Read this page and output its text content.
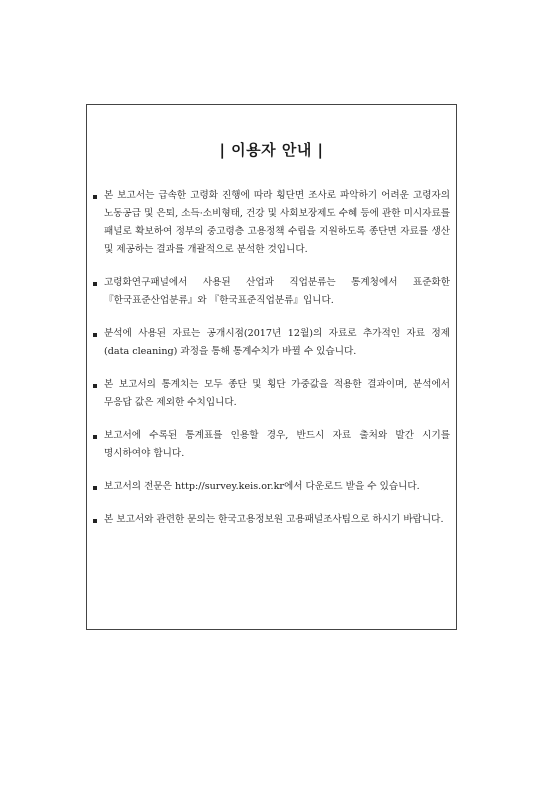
| 이용자 안내 |
본 보고서는 급속한 고령화 진행에 따라 횡단면 조사로 파악하기 어려운 고령자의 노동공급 및 은퇴, 소득·소비형태, 건강 및 사회보장제도 수혜 등에 관한 미시자료를 패널로 확보하여 정부의 중고령층 고용정책 수립을 지원하도록 종단면 자료를 생산 및 제공하는 결과를 개괄적으로 분석한 것입니다.
고령화연구패널에서 사용된 산업과 직업분류는 통계청에서 표준화한 『한국표준산업분류』와 『한국표준직업분류』입니다.
분석에 사용된 자료는 공개시점(2017년 12월)의 자료로 추가적인 자료 정제 (data cleaning) 과정을 통해 통계수치가 바뀔 수 있습니다.
본 보고서의 통계치는 모두 종단 및 횡단 가중값을 적용한 결과이며, 분석에서 무응답 값은 제외한 수치입니다.
보고서에 수록된 통계표를 인용할 경우, 반드시 자료 출처와 발간 시기를 명시하여야 합니다.
보고서의 전문은 http://survey.keis.or.kr에서 다운로드 받을 수 있습니다.
본 보고서와 관련한 문의는 한국고용정보원 고용패널조사팀으로 하시기 바랍니다.
